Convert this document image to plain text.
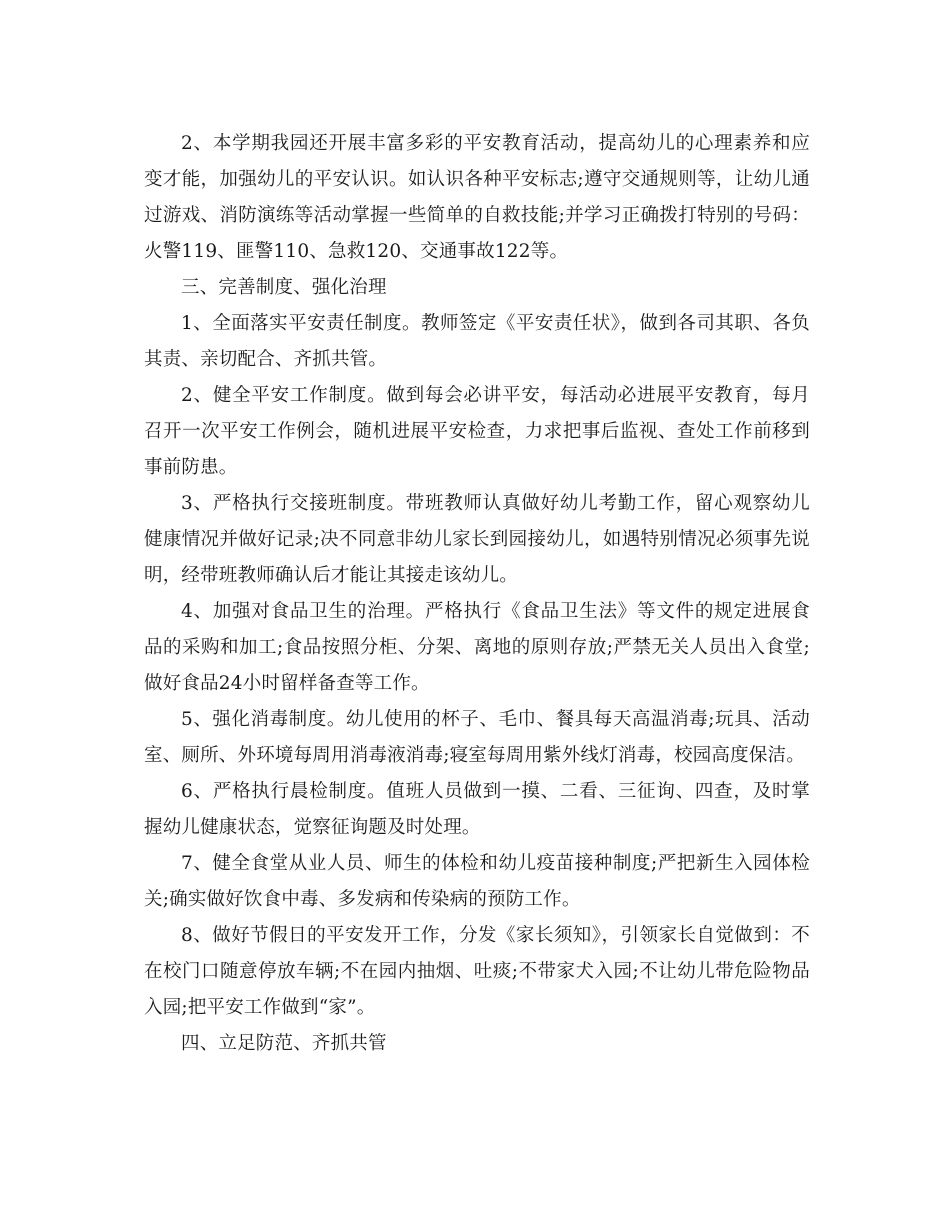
2、本学期我园还开展丰富多彩的平安教育活动，提高幼儿的心理素养和应变才能，加强幼儿的平安认识。如认识各种平安标志;遵守交通规则等，让幼儿通过游戏、消防演练等活动掌握一些简单的自救技能;并学习正确拨打特别的号码：火警119、匪警110、急救120、交通事故122等。

三、完善制度、强化治理

1、全面落实平安责任制度。教师签定《平安责任状》，做到各司其职、各负其责、亲切配合、齐抓共管。

2、健全平安工作制度。做到每会必讲平安，每活动必进展平安教育，每月召开一次平安工作例会，随机进展平安检查，力求把事后监视、查处工作前移到事前防患。

3、严格执行交接班制度。带班教师认真做好幼儿考勤工作，留心观察幼儿健康情况并做好记录;决不同意非幼儿家长到园接幼儿，如遇特别情况必须事先说明，经带班教师确认后才能让其接走该幼儿。

4、加强对食品卫生的治理。严格执行《食品卫生法》等文件的规定进展食品的采购和加工;食品按照分柜、分架、离地的原则存放;严禁无关人员出入食堂;做好食品24小时留样备查等工作。

5、强化消毒制度。幼儿使用的杯子、毛巾、餐具每天高温消毒;玩具、活动室、厕所、外环境每周用消毒液消毒;寝室每周用紫外线灯消毒，校园高度保洁。

6、严格执行晨检制度。值班人员做到一摸、二看、三征询、四查，及时掌握幼儿健康状态，觉察征询题及时处理。

7、健全食堂从业人员、师生的体检和幼儿疫苗接种制度;严把新生入园体检关;确实做好饮食中毒、多发病和传染病的预防工作。

8、做好节假日的平安发开工作，分发《家长须知》，引领家长自觉做到：不在校门口随意停放车辆;不在园内抽烟、吐痰;不带家犬入园;不让幼儿带危险物品入园;把平安工作做到“家”。

四、立足防范、齐抓共管
